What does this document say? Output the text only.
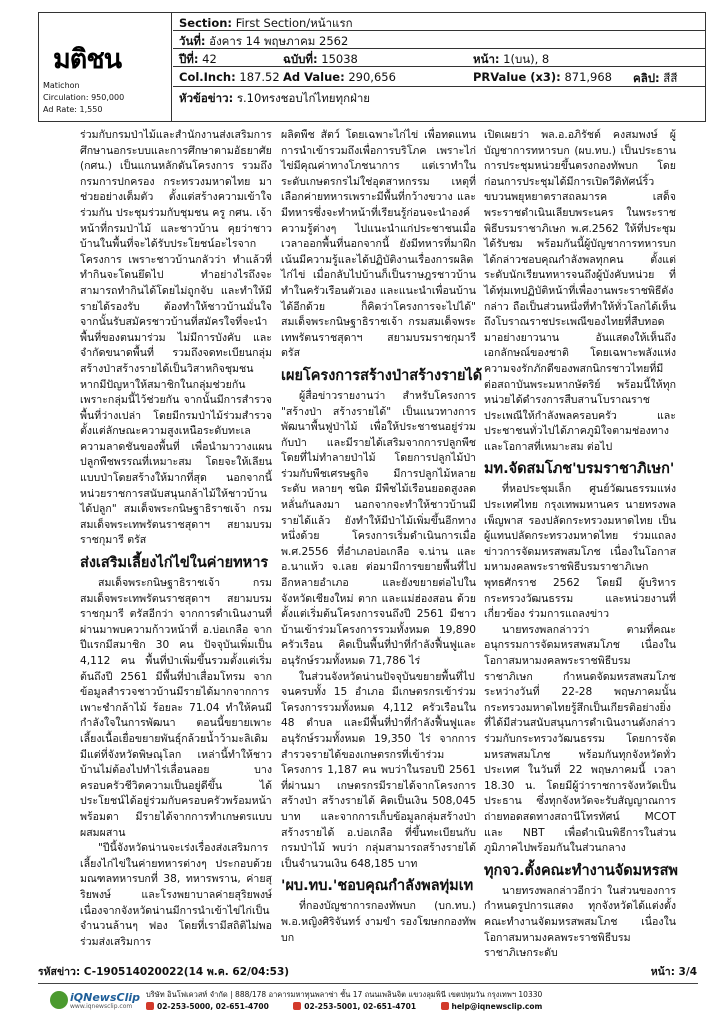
มติชน
Matichon
Circulation: 950,000
Ad Rate: 1,550
Section: First Section/หน้าแรก
วันที่: อังคาร 14 พฤษภาคม 2562
ปีที่: 42	ฉบับที่: 15038	หน้า: 1(บน), 8
Col.Inch: 187.52 Ad Value: 290,656	PRValue (x3): 871,968 คลิป: สีสี
หัวข้อข่าว: ร.10ทรงชอบไก่ไทยทุกฝ่าย

ร่วมกับกรมป่าไม้และสำนักงานส่งเสริมการศึกษานอกระบบและการศึกษาตามอัธยาศัย (กศน.) เป็นแกนหลักดันโครงการ รวมถึงกรมการปกครอง กระทรวงมหาดไทย มาช่วยอย่างเต็มตัว ตั้งแต่สร้างความเข้าใจร่วมกัน ประชุมร่วมกับชุมชน ครู กศน. เจ้าหน้าที่กรมป่าไม้ และชาวบ้าน คุยว่าชาวบ้านในพื้นที่จะได้รับประโยชน์อะไรจากโครงการ เพราะชาวบ้านกลัวว่า ทำแล้วที่ทำกินจะโดนยึดไป ทำอย่างไรถึงจะสามารถทำกินได้โดยไม่ถูกจับ และทำให้มีรายได้รองรับ ต้องทำให้ชาวบ้านมั่นใจ จากนั้นรับสมัครชาวบ้านที่สมัครใจที่จะนำพื้นที่ของตนมาร่วม ไม่มีการบังคับ และจำกัดขนาดพื้นที่ รวมถึงจดทะเบียนกลุ่มสร้างป่าสร้างรายได้เป็นวิสาหกิจชุมชน หากมีปัญหาให้สมาชิกในกลุ่มช่วยกัน เพราะกลุ่มนี้ไว้ช่วยกัน จากนั้นมีการสำรวจพื้นที่ว่างเปล่า โดยมีกรมป่าไม้ร่วมสำรวจตั้งแต่ลักษณะความสูงเหนือระดับทะเล ความลาดชันของพื้นที่ เพื่อนำมาวางแผนปลูกพืชพรรณที่เหมาะสม โดยจะให้เลียนแบบป่าโดยสร้างให้มากที่สุด นอกจากนี้ หน่วยราชการสนับสนุนกล้าไม้ให้ชาวบ้านได้ปลูก" สมเด็จพระกนิษฐาธิราชเจ้า กรมสมเด็จพระเทพรัตนราชสุดาฯ สยามบรมราชกุมารี ตรัส

ส่งเสริมเลี้ยงไก่ไข่ในค่ายทหาร

สมเด็จพระกนิษฐาธิราชเจ้า กรมสมเด็จพระเทพรัตนราชสุดาฯ สยามบรมราชกุมารี ตรัสอีกว่า จากการดำเนินงานที่ผ่านมาพบความก้าวหน้าที่ อ.บ่อเกลือ จากปีแรกมีสมาชิก 30 คน ปัจจุบันเพิ่มเป็น 4,112 คน พื้นที่ป่าเพิ่มขึ้นรวมตั้งแต่เริ่มต้นถึงปี 2561 มีพื้นที่ป่าเสื่อมโทรม จากข้อมูลสำรวจชาวบ้านมีรายได้มากจากการเพาะชำกล้าไม้ ร้อยละ 71.04 ทำให้คนมีกำลังใจในการพัฒนา ตอนนี้ขยายเพาะเลี้ยงเนื้อเยื่อขยายพันธุ์กล้วยน้ำว้ามะลิเดิมมีแต่ที่จังหวัดพิษณุโลก เหล่านี้ทำให้ชาวบ้านไม่ต้องไปทำไร่เลื่อนลอย บางครอบครัวชีวิตความเป็นอยู่ดีขึ้น ได้ประโยชน์ได้อยู่ร่วมกับครอบครัวพร้อมหน้าพร้อมตา มีรายได้จากการทำเกษตรแบบผสมผสาน

"ปีนี้จังหวัดน่านจะเร่งเรื่องส่งเสริมการเลี้ยงไก่ไข่ในค่ายทหารต่างๆ ประกอบด้วย มณฑลทหารบกที่ 38, ทหารพราน, ค่ายสุริยพงษ์ และโรงพยาบาลค่ายสุริยพงษ์ เนื่องจากจังหวัดน่านมีการนำเข้าไข่ไก่เป็นจำนวนล้านๆ ฟอง โดยที่เรามีสถิติไม่พอ ร่วมส่งเสริมการ

ผลิตพืช สัตว์ โดยเฉพาะไก่ไข่ เพื่อทดแทนการนำเข้ารวมถึงเพื่อการบริโภค เพราะไก่ไข่มีคุณค่าทางโภชนาการ แต่เราทำในระดับเกษตรกรไม่ใช่อุตสาหกรรม เหตุที่เลือกค่ายทหารเพราะมีพื้นที่กว้างขวาง และมีทหารซึ่งจะทำหน้าที่เรียนรู้ก่อนจะนำองค์ความรู้ต่างๆ ไปแนะนำแก่ประชาชนเมื่อเวลาออกพื้นที่นอกจากนี้ ยังมีทหารที่มาฝึกเน้นมีความรู้และได้ปฏิบัติงานเรื่องการผลิตไก่ไข่ เมื่อกลับไปบ้านก็เป็นราษฎรชาวบ้าน ทำในครัวเรือนตัวเอง และแนะนำเพื่อนบ้านได้อีกด้วย ก็คิดว่าโครงการจะไปได้" สมเด็จพระกนิษฐาธิราชเจ้า กรมสมเด็จพระเทพรัตนราชสุดาฯ สยามบรมราชกุมารี ตรัส

เผยโครงการสร้างป่าสร้างรายได้

ผู้สื่อข่าวรายงานว่า สำหรับโครงการ "สร้างป่า สร้างรายได้" เป็นแนวทางการพัฒนาพื้นฟูป่าไม้ เพื่อให้ประชาชนอยู่ร่วมกับป่า และมีรายได้เสริมจากการปลูกพืชโดยที่ไม่ทำลายป่าไม้ โดยการปลูกไม้ป่าร่วมกับพืชเศรษฐกิจ มีการปลูกไม้หลายระดับ หลายๆ ชนิด มีพืชไม้เรือนยอดสูงลดหลั่นกันลงมา นอกจากจะทำให้ชาวบ้านมีรายได้แล้ว ยังทำให้มีป่าไม้เพิ่มขึ้นอีกทางหนึ่งด้วย โครงการเริ่มดำเนินการเมื่อ พ.ศ.2556 ที่อำเภอบ่อเกลือ จ.น่าน และ อ.นาแห้ว จ.เลย ต่อมามีการขยายพื้นที่ไปอีกหลายอำเภอ และยังขยายต่อไปในจังหวัดเชียงใหม่ ตาก และแม่ฮ่องสอน ด้วย ตั้งแต่เริ่มต้นโครงการจนถึงปี 2561 มีชาวบ้านเข้าร่วมโครงการรวมทั้งหมด 19,890 ครัวเรือน คิดเป็นพื้นที่ป่าที่กำลังฟื้นฟูและอนุรักษ์รวมทั้งหมด 71,786 ไร่

ในส่วนจังหวัดน่านปัจจุบันขยายพื้นที่ไปจนครบทั้ง 15 อำเภอ มีเกษตรกรเข้าร่วมโครงการรวมทั้งหมด 4,112 ครัวเรือนใน 48 ตำบล และมีพื้นที่ป่าที่กำลังฟื้นฟูและอนุรักษ์รวมทั้งหมด 19,350 ไร่ จากการสำรวจรายได้ของเกษตรกรที่เข้าร่วมโครงการ 1,187 คน พบว่าในรอบปี 2561 ที่ผ่านมา เกษตรกรมีรายได้จากโครงการสร้างป่า สร้างรายได้ คิดเป็นเงิน 508,045 บาท และจากการเก็บข้อมูลกลุ่มสร้างป่า สร้างรายได้ อ.บ่อเกลือ ที่ขึ้นทะเบียนกับกรมป่าไม้ พบว่า กลุ่มสามารถสร้างรายได้เป็นจำนวนเงิน 648,185 บาท

'ผบ.ทบ.'ชอบคุณกำลังพลทุ่มเท

ที่กองบัญชาการกองทัพบก (บก.ทบ.) พ.อ.หญิงศิริจันทร์ งามขำ รองโฆษกกองทัพบก

เปิดเผยว่า พล.อ.อภิรัชต์ คงสมพงษ์ ผู้บัญชาการทหารบก (ผบ.ทบ.) เป็นประธานการประชุมหน่วยขึ้นตรงกองทัพบก โดยก่อนการประชุมได้มีการเปิดวีดิทัศน์ริ้วขบวนพยุหยาตราสถลมารค เสด็จพระราชดำเนินเลียบพระนคร ในพระราชพิธีบรมราชาภิเษก พ.ศ.2562 ให้ที่ประชุมได้รับชม พร้อมกันนี้ผู้บัญชาการทหารบกได้กล่าวชอบคุณกำลังพลทุกคน ตั้งแต่ระดับนักเรียนทหารจนถึงผู้บังคับหน่วย ที่ได้ทุ่มเทปฏิบัติหน้าที่เพื่องานพระราชพิธีดังกล่าว ถือเป็นส่วนหนึ่งที่ทำให้ทั่วโลกได้เห็นถึงโบราณราชประเพณีของไทยที่สืบทอดมาอย่างยาวนาน อันแสดงให้เห็นถึงเอกลักษณ์ของชาติ โดยเฉพาะพลังแห่งความจงรักภักดีของพสกนิกรชาวไทยที่มีต่อสถาบันพระมหากษัตริย์ พร้อมนี้ให้ทุกหน่วยได้ดำรงการสืบสานโบราณราชประเพณีให้กำลังพลครอบครัว และประชาชนทั่วไปได้ภาคภูมิใจตามช่องทางและโอกาสที่เหมาะสม ต่อไป

มท.จัดสมโภช'บรมราชาภิเษก'

ที่หอประชุมเล็ก ศูนย์วัฒนธรรมแห่งประเทศไทย กรุงเทพมหานคร นายทรงพล เพ็ญพาส รองปลัดกระทรวงมหาดไทย เป็นผู้แทนปลัดกระทรวงมหาดไทย ร่วมแถลงข่าวการจัดมหรสพสมโภช เนื่องในโอกาสมหามงคลพระราชพิธีบรมราชาภิเษก พุทธศักราช 2562 โดยมี ผู้บริหารกระทรวงวัฒนธรรม และหน่วยงานที่เกี่ยวข้อง ร่วมการแถลงข่าว

นายทรงพลกล่าวว่า ตามที่คณะอนุกรรมการจัดมหรสพสมโภช เนื่องในโอกาสมหามงคลพระราชพิธีบรมราชาภิเษก กำหนดจัดมหรสพสมโภช ระหว่างวันที่ 22-28 พฤษภาคมนั้น กระทรวงมหาดไทยรู้สึกเป็นเกียรติอย่างยิ่งที่ได้มีส่วนสนับสนุนการดำเนินงานดังกล่าวร่วมกับกระทรวงวัฒนธรรม โดยการจัดมหรสพสมโภช พร้อมกันทุกจังหวัดทั่วประเทศ ในวันที่ 22 พฤษภาคมนี้ เวลา 18.30 น. โดยมีผู้ว่าราชการจังหวัดเป็นประธาน ซึ่งทุกจังหวัดจะรับสัญญาณการถ่ายทอดสดทางสถานีโทรทัศน์ MCOT และ NBT เพื่อดำเนินพิธีการในส่วนภูมิภาคไปพร้อมกันในส่วนกลาง

ทุกจว.ตั้งคณะทำงานจัดมหรสพ

นายทรงพลกล่าวอีกว่า ในส่วนของการกำหนดรูปการแสดง ทุกจังหวัดได้แต่งตั้งคณะทำงานจัดมหรสพสมโภช เนื่องในโอกาสมหามงคลพระราชพิธีบรมราชาภิเษกระดับ

รหัสข่าว: C-190514020022(14 พ.ค. 62/04:53)	หน้า: 3/4
iQNewsClip
www.iqnewsclip.com
บริษัท อินโฟเควสท์ จำกัด | 888/178 อาคารมหาทุนพลาซ่า ชั้น 17 ถนนเพลินจิต แขวงลุมพินี เขตปทุมวัน กรุงเทพฯ 10330
02-253-5000, 02-651-4700	02-253-5001, 02-651-4701	help@iqnewsclip.com
